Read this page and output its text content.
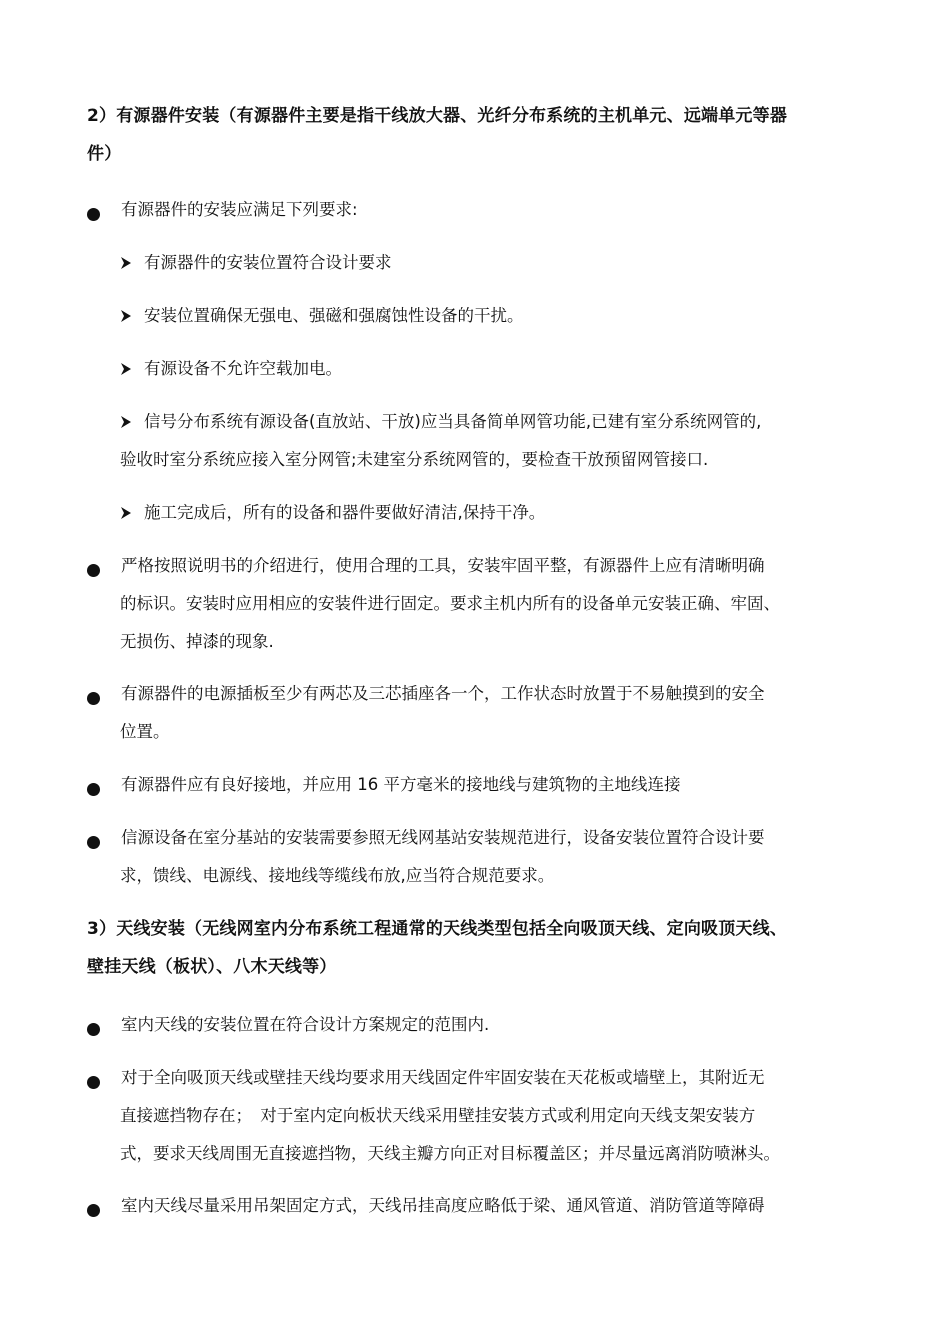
2）有源器件安装（有源器件主要是指干线放大器、光纤分布系统的主机单元、远端单元等器
件）
有源器件的安装应满足下列要求:
有源器件的安装位置符合设计要求
安装位置确保无强电、强磁和强腐蚀性设备的干扰。
有源设备不允许空载加电。
信号分布系统有源设备(直放站、干放)应当具备简单网管功能,已建有室分系统网管的,
验收时室分系统应接入室分网管;未建室分系统网管的，要检查干放预留网管接口.
施工完成后，所有的设备和器件要做好清洁,保持干净。
严格按照说明书的介绍进行，使用合理的工具，安装牢固平整，有源器件上应有清晰明确
的标识。安装时应用相应的安装件进行固定。要求主机内所有的设备单元安装正确、牢固、
无损伤、掉漆的现象.
有源器件的电源插板至少有两芯及三芯插座各一个，工作状态时放置于不易触摸到的安全
位置。
有源器件应有良好接地，并应用 16 平方毫米的接地线与建筑物的主地线连接
信源设备在室分基站的安装需要参照无线网基站安装规范进行，设备安装位置符合设计要
求，馈线、电源线、接地线等缆线布放,应当符合规范要求。
3）天线安装（无线网室内分布系统工程通常的天线类型包括全向吸顶天线、定向吸顶天线、
壁挂天线（板状）、八木天线等）
室内天线的安装位置在符合设计方案规定的范围内.
对于全向吸顶天线或壁挂天线均要求用天线固定件牢固安装在天花板或墙壁上，其附近无
直接遮挡物存在；　对于室内定向板状天线采用壁挂安装方式或利用定向天线支架安装方
式，要求天线周围无直接遮挡物，天线主瓣方向正对目标覆盖区；并尽量远离消防喷淋头。
室内天线尽量采用吊架固定方式，天线吊挂高度应略低于梁、通风管道、消防管道等障碍
